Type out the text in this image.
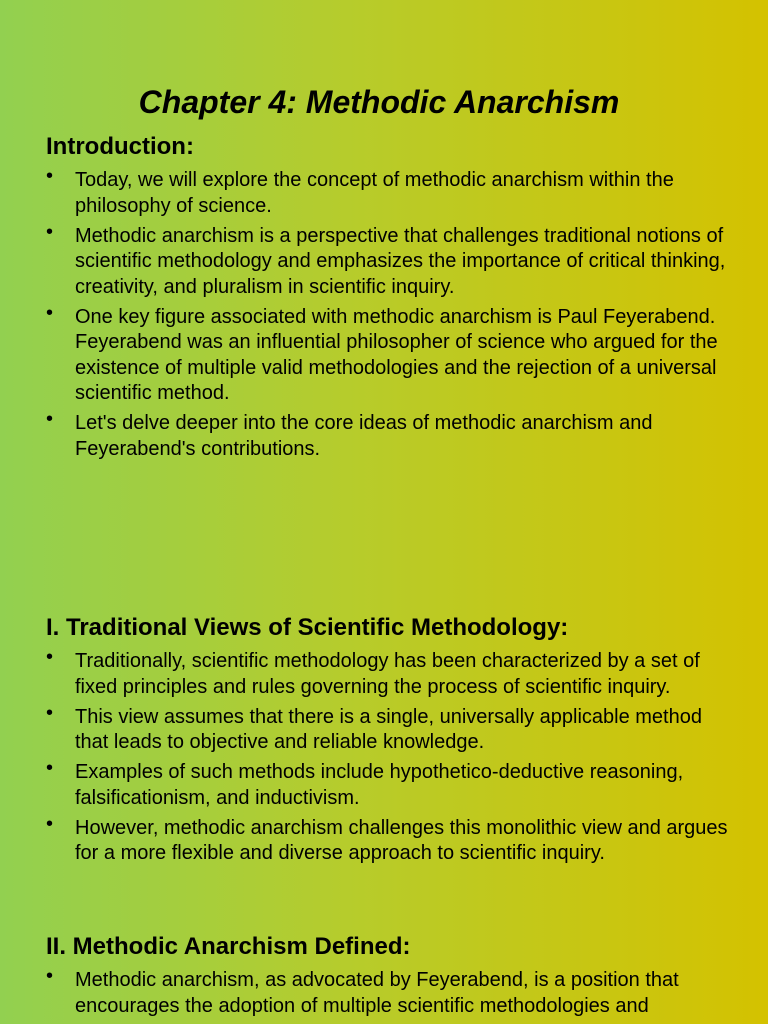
Chapter 4: Methodic Anarchism
Introduction:
• Today, we will explore the concept of methodic anarchism within the philosophy of science.
• Methodic anarchism is a perspective that challenges traditional notions of scientific methodology and emphasizes the importance of critical thinking, creativity, and pluralism in scientific inquiry.
• One key figure associated with methodic anarchism is Paul Feyerabend. Feyerabend was an influential philosopher of science who argued for the existence of multiple valid methodologies and the rejection of a universal scientific method.
• Let's delve deeper into the core ideas of methodic anarchism and Feyerabend's contributions.
I. Traditional Views of Scientific Methodology:
• Traditionally, scientific methodology has been characterized by a set of fixed principles and rules governing the process of scientific inquiry.
• This view assumes that there is a single, universally applicable method that leads to objective and reliable knowledge.
• Examples of such methods include hypothetico-deductive reasoning, falsificationism, and inductivism.
• However, methodic anarchism challenges this monolithic view and argues for a more flexible and diverse approach to scientific inquiry.
II. Methodic Anarchism Defined:
• Methodic anarchism, as advocated by Feyerabend, is a position that encourages the adoption of multiple scientific methodologies and
